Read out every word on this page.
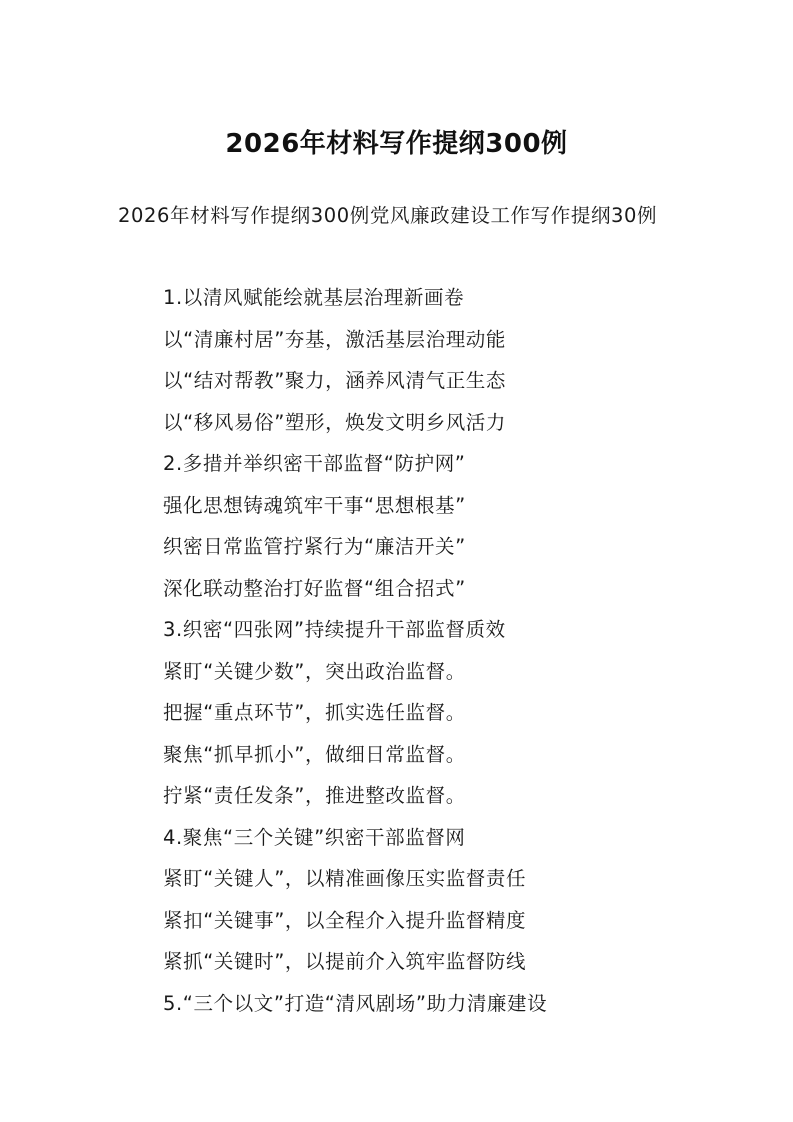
2026年材料写作提纲300例
2026年材料写作提纲300例党风廉政建设工作写作提纲30例
1.以清风赋能绘就基层治理新画卷
以“清廉村居”夯基，激活基层治理动能
以“结对帮教”聚力，涵养风清气正生态
以“移风易俗”塑形，焕发文明乡风活力
2.多措并举织密干部监督“防护网”
强化思想铸魂筑牢干事“思想根基”
织密日常监管拧紧行为“廉洁开关”
深化联动整治打好监督“组合招式”
3.织密“四张网”持续提升干部监督质效
紧盯“关键少数”，突出政治监督。
把握“重点环节”，抓实选任监督。
聚焦“抓早抓小”，做细日常监督。
拧紧“责任发条”，推进整改监督。
4.聚焦“三个关键”织密干部监督网
紧盯“关键人”，以精准画像压实监督责任
紧扣“关键事”，以全程介入提升监督精度
紧抓“关键时”，以提前介入筑牢监督防线
5.“三个以文”打造“清风剧场”助力清廉建设
